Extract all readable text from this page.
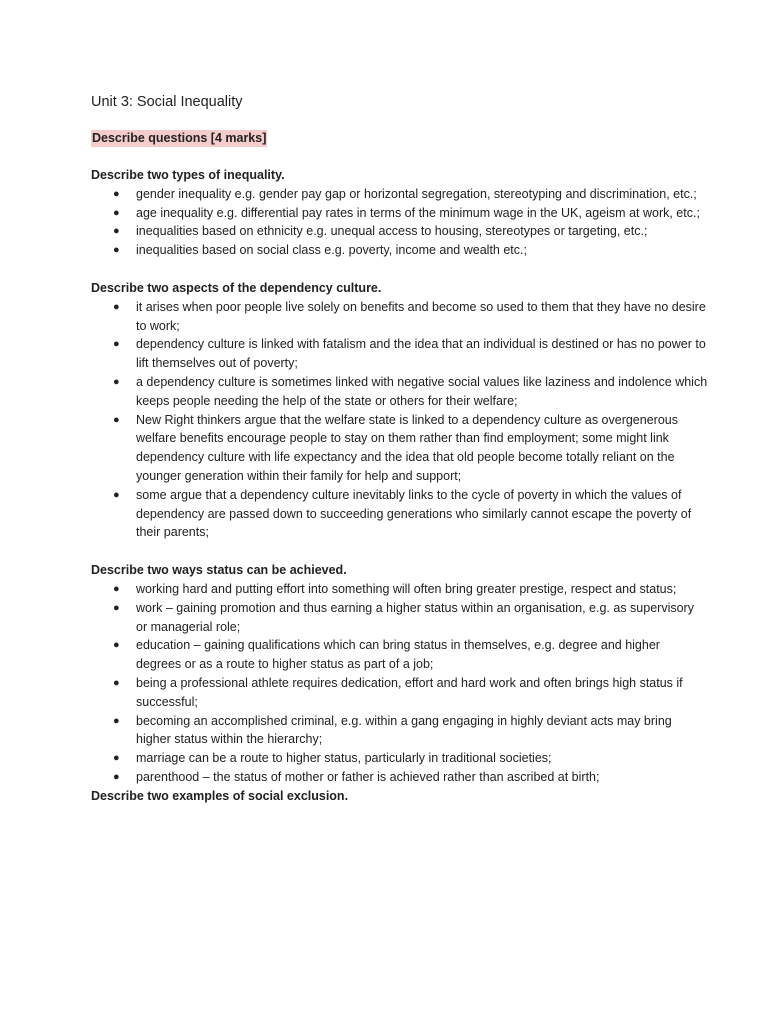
Unit 3: Social Inequality
Describe questions [4 marks]

Describe two types of inequality.

● gender inequality e.g. gender pay gap or horizontal segregation, stereotyping and discrimination, etc.;
● age inequality e.g. differential pay rates in terms of the minimum wage in the UK, ageism at work, etc.;
● inequalities based on ethnicity e.g. unequal access to housing, stereotypes or targeting, etc.;
● inequalities based on social class e.g. poverty, income and wealth etc.;

Describe two aspects of the dependency culture.

● it arises when poor people live solely on benefits and become so used to them that they have no desire to work;
● dependency culture is linked with fatalism and the idea that an individual is destined or has no power to lift themselves out of poverty;
● a dependency culture is sometimes linked with negative social values like laziness and indolence which keeps people needing the help of the state or others for their welfare;
● New Right thinkers argue that the welfare state is linked to a dependency culture as overgenerous welfare benefits encourage people to stay on them rather than find employment; some might link dependency culture with life expectancy and the idea that old people become totally reliant on the younger generation within their family for help and support;
● some argue that a dependency culture inevitably links to the cycle of poverty in which the values of dependency are passed down to succeeding generations who similarly cannot escape the poverty of their parents;

Describe two ways status can be achieved.

● working hard and putting effort into something will often bring greater prestige, respect and status;
● work – gaining promotion and thus earning a higher status within an organisation, e.g. as supervisory or managerial role;
● education – gaining qualifications which can bring status in themselves, e.g. degree and higher degrees or as a route to higher status as part of a job;
● being a professional athlete requires dedication, effort and hard work and often brings high status if successful;
● becoming an accomplished criminal, e.g. within a gang engaging in highly deviant acts may bring higher status within the hierarchy;
● marriage can be a route to higher status, particularly in traditional societies;
● parenthood – the status of mother or father is achieved rather than ascribed at birth;

Describe two examples of social exclusion.
